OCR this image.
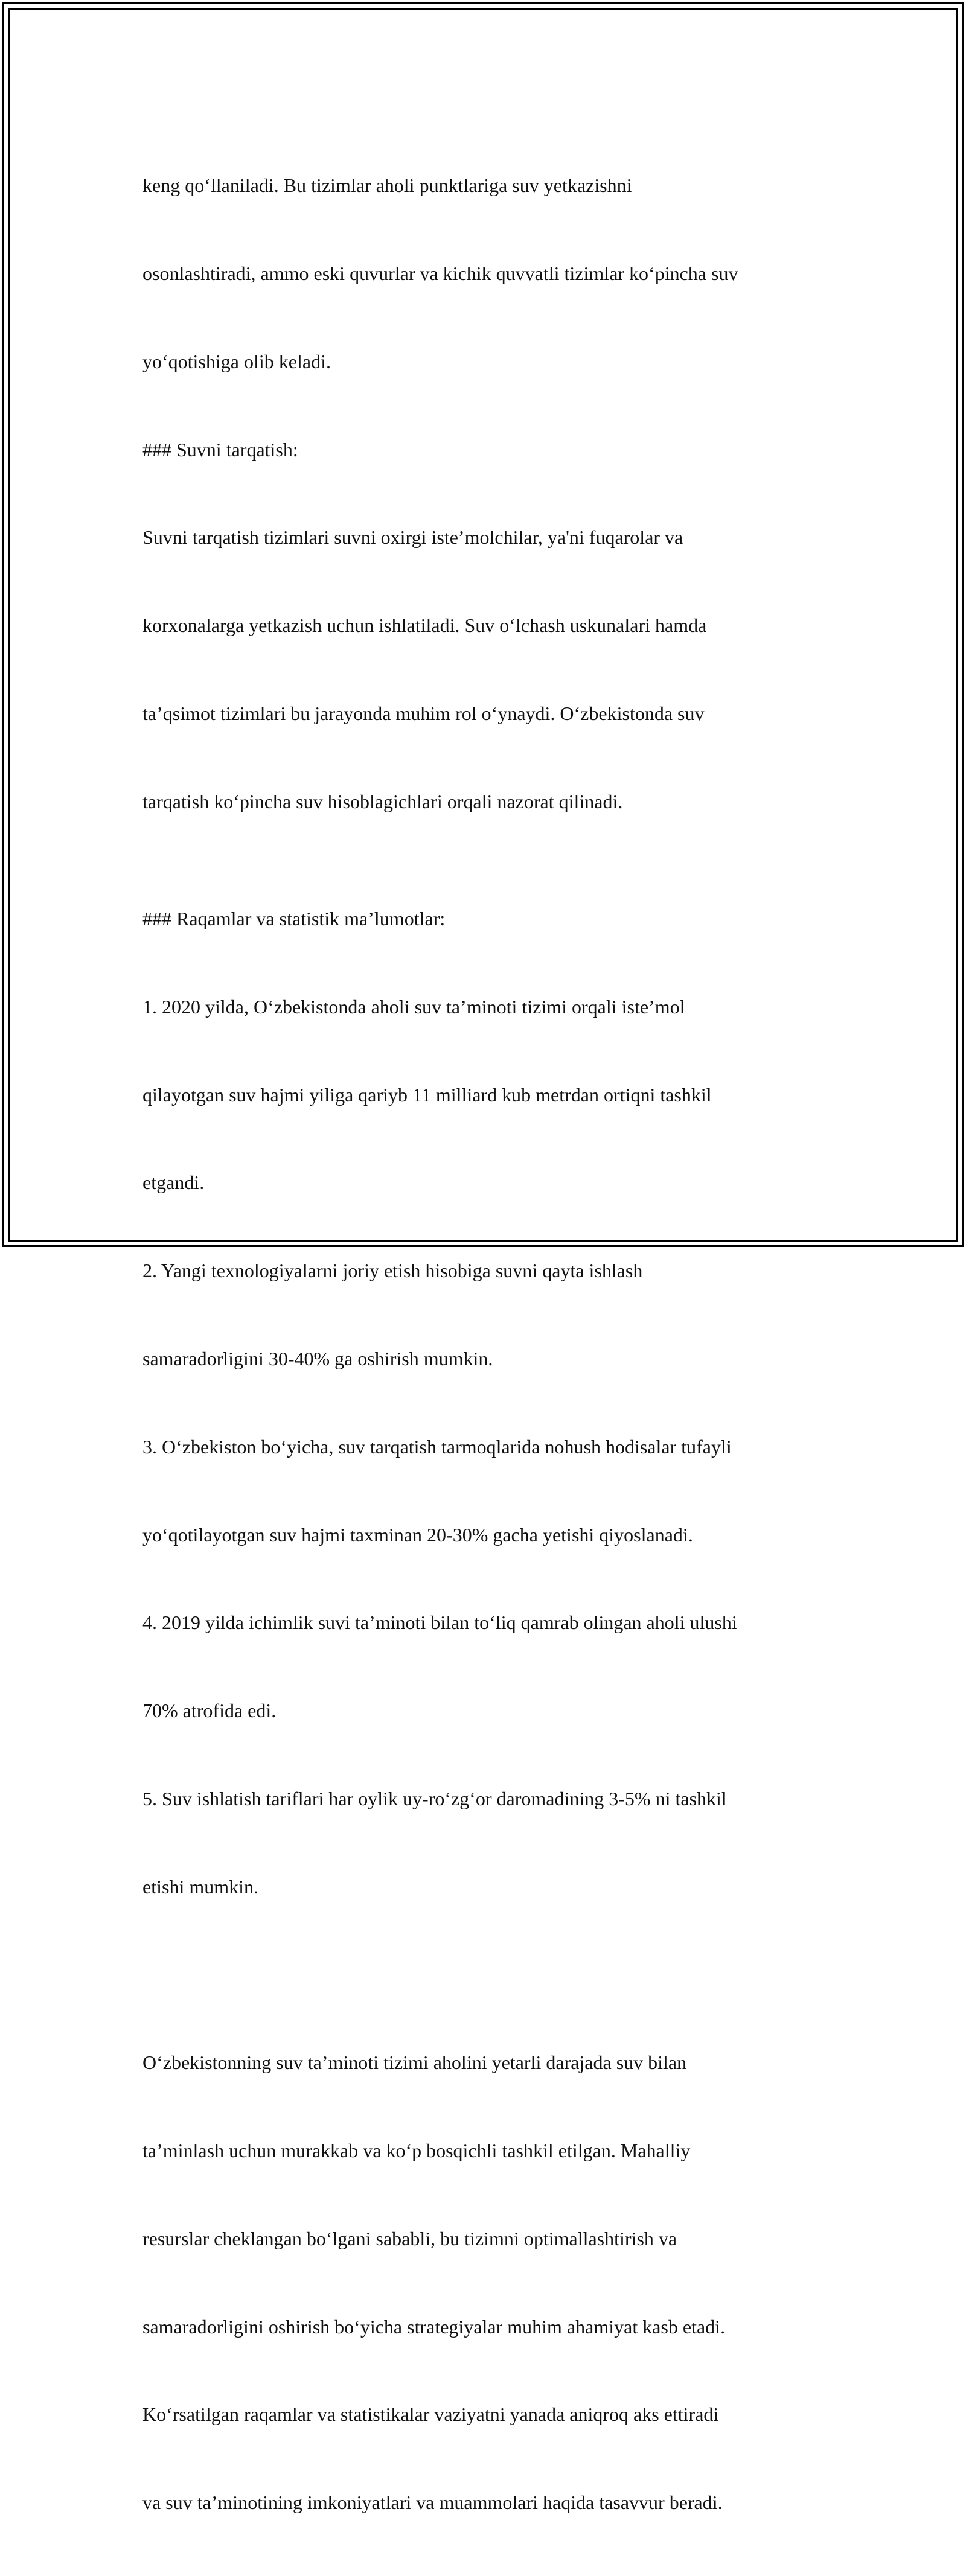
keng qo‘llaniladi. Bu tizimlar aholi punktlariga suv yetkazishni

osonlashtiradi, ammo eski quvurlar va kichik quvvatli tizimlar ko‘pincha suv

yo‘qotishiga olib keladi.

### Suvni tarqatish:

Suvni tarqatish tizimlari suvni oxirgi iste’molchilar, ya'ni fuqarolar va

korxonalarga yetkazish uchun ishlatiladi. Suv o‘lchash uskunalari hamda

ta’qsimot tizimlari bu jarayonda muhim rol o‘ynaydi. O‘zbekistonda suv

tarqatish ko‘pincha suv hisoblagichlari orqali nazorat qilinadi.

### Raqamlar va statistik ma’lumotlar:

1. 2020 yilda, O‘zbekistonda aholi suv ta’minoti tizimi orqali iste’mol

qilayotgan suv hajmi yiliga qariyb 11 milliard kub metrdan ortiqni tashkil

etgandi.

2. Yangi texnologiyalarni joriy etish hisobiga suvni qayta ishlash

samaradorligini 30-40% ga oshirish mumkin.

3. O‘zbekiston bo‘yicha, suv tarqatish tarmoqlarida nohush hodisalar tufayli

yo‘qotilayotgan suv hajmi taxminan 20-30% gacha yetishi qiyoslanadi.

4. 2019 yilda ichimlik suvi ta’minoti bilan to‘liq qamrab olingan aholi ulushi

70% atrofida edi.

5. Suv ishlatish tariflari har oylik uy-ro‘zg‘or daromadining 3-5% ni tashkil

etishi mumkin.

O‘zbekistonning suv ta’minoti tizimi aholini yetarli darajada suv bilan

ta’minlash uchun murakkab va ko‘p bosqichli tashkil etilgan. Mahalliy

resurslar cheklangan bo‘lgani sababli, bu tizimni optimallashtirish va

samaradorligini oshirish bo‘yicha strategiyalar muhim ahamiyat kasb etadi.

Ko‘rsatilgan raqamlar va statistikalar vaziyatni yanada aniqroq aks ettiradi

va suv ta’minotining imkoniyatlari va muammolari haqida tasavvur beradi.
